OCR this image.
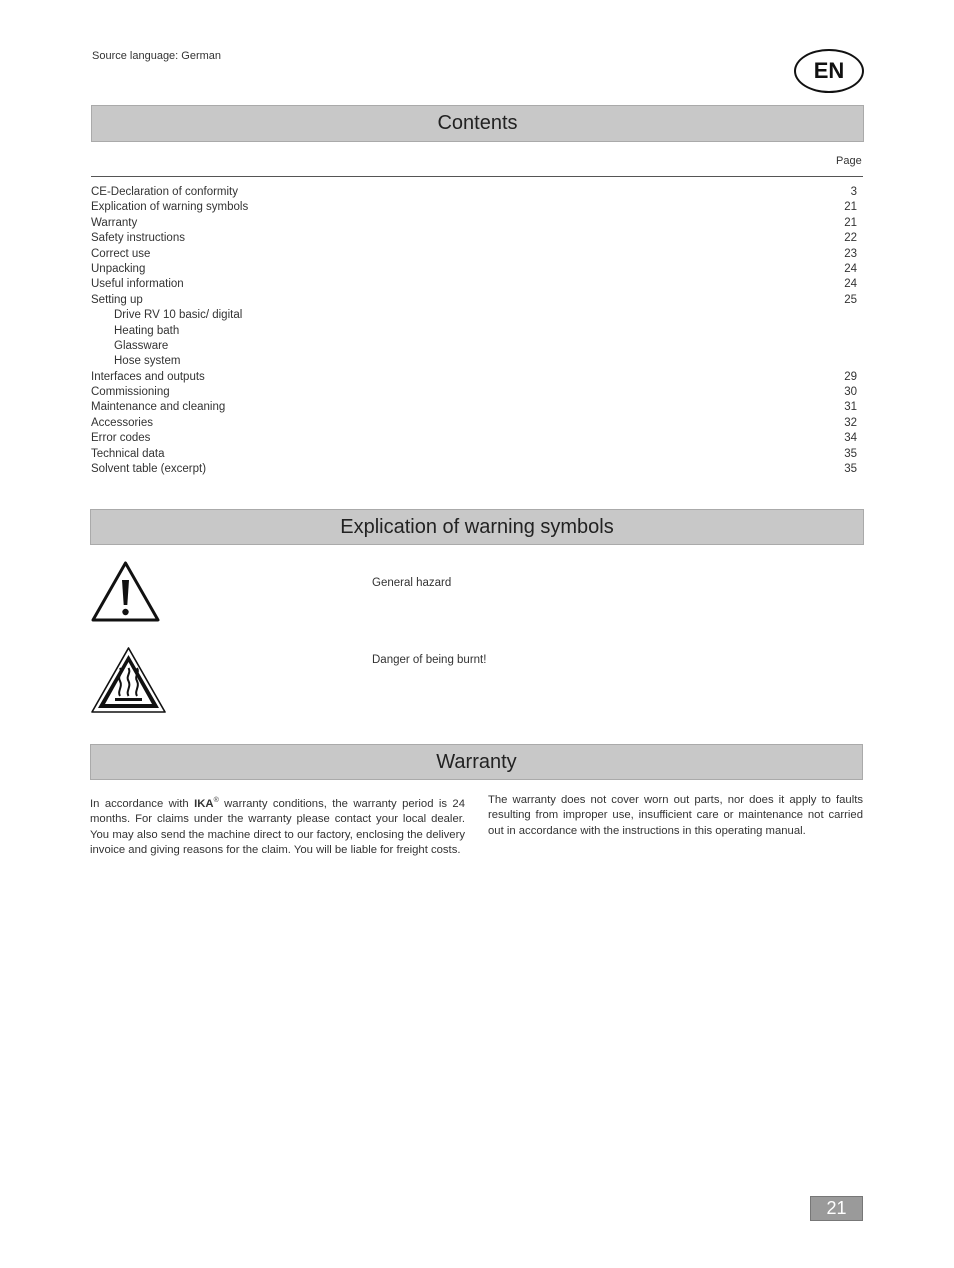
Source language: German
EN
Contents
Page
CE-Declaration of conformity	3
Explication of warning symbols	21
Warranty	21
Safety instructions	22
Correct use	23
Unpacking	24
Useful information	24
Setting up	25
Drive RV 10 basic/ digital
Heating bath
Glassware
Hose system
Interfaces and outputs	29
Commissioning	30
Maintenance and cleaning	31
Accessories	32
Error codes	34
Technical data	35
Solvent table (excerpt)	35
Explication of warning symbols
General hazard
Danger of being burnt!
Warranty

In accordance with IKA® warranty conditions, the warranty period is 24 months. For claims under the warranty please contact your local dealer. You may also send the machine direct to our factory, enclosing the delivery invoice and giving reasons for the claim. You will be liable for freight costs.

The warranty does not cover worn out parts, nor does it apply to faults resulting from improper use, insufficient care or maintenance not carried out in accordance with the instructions in this operating manual.

21
